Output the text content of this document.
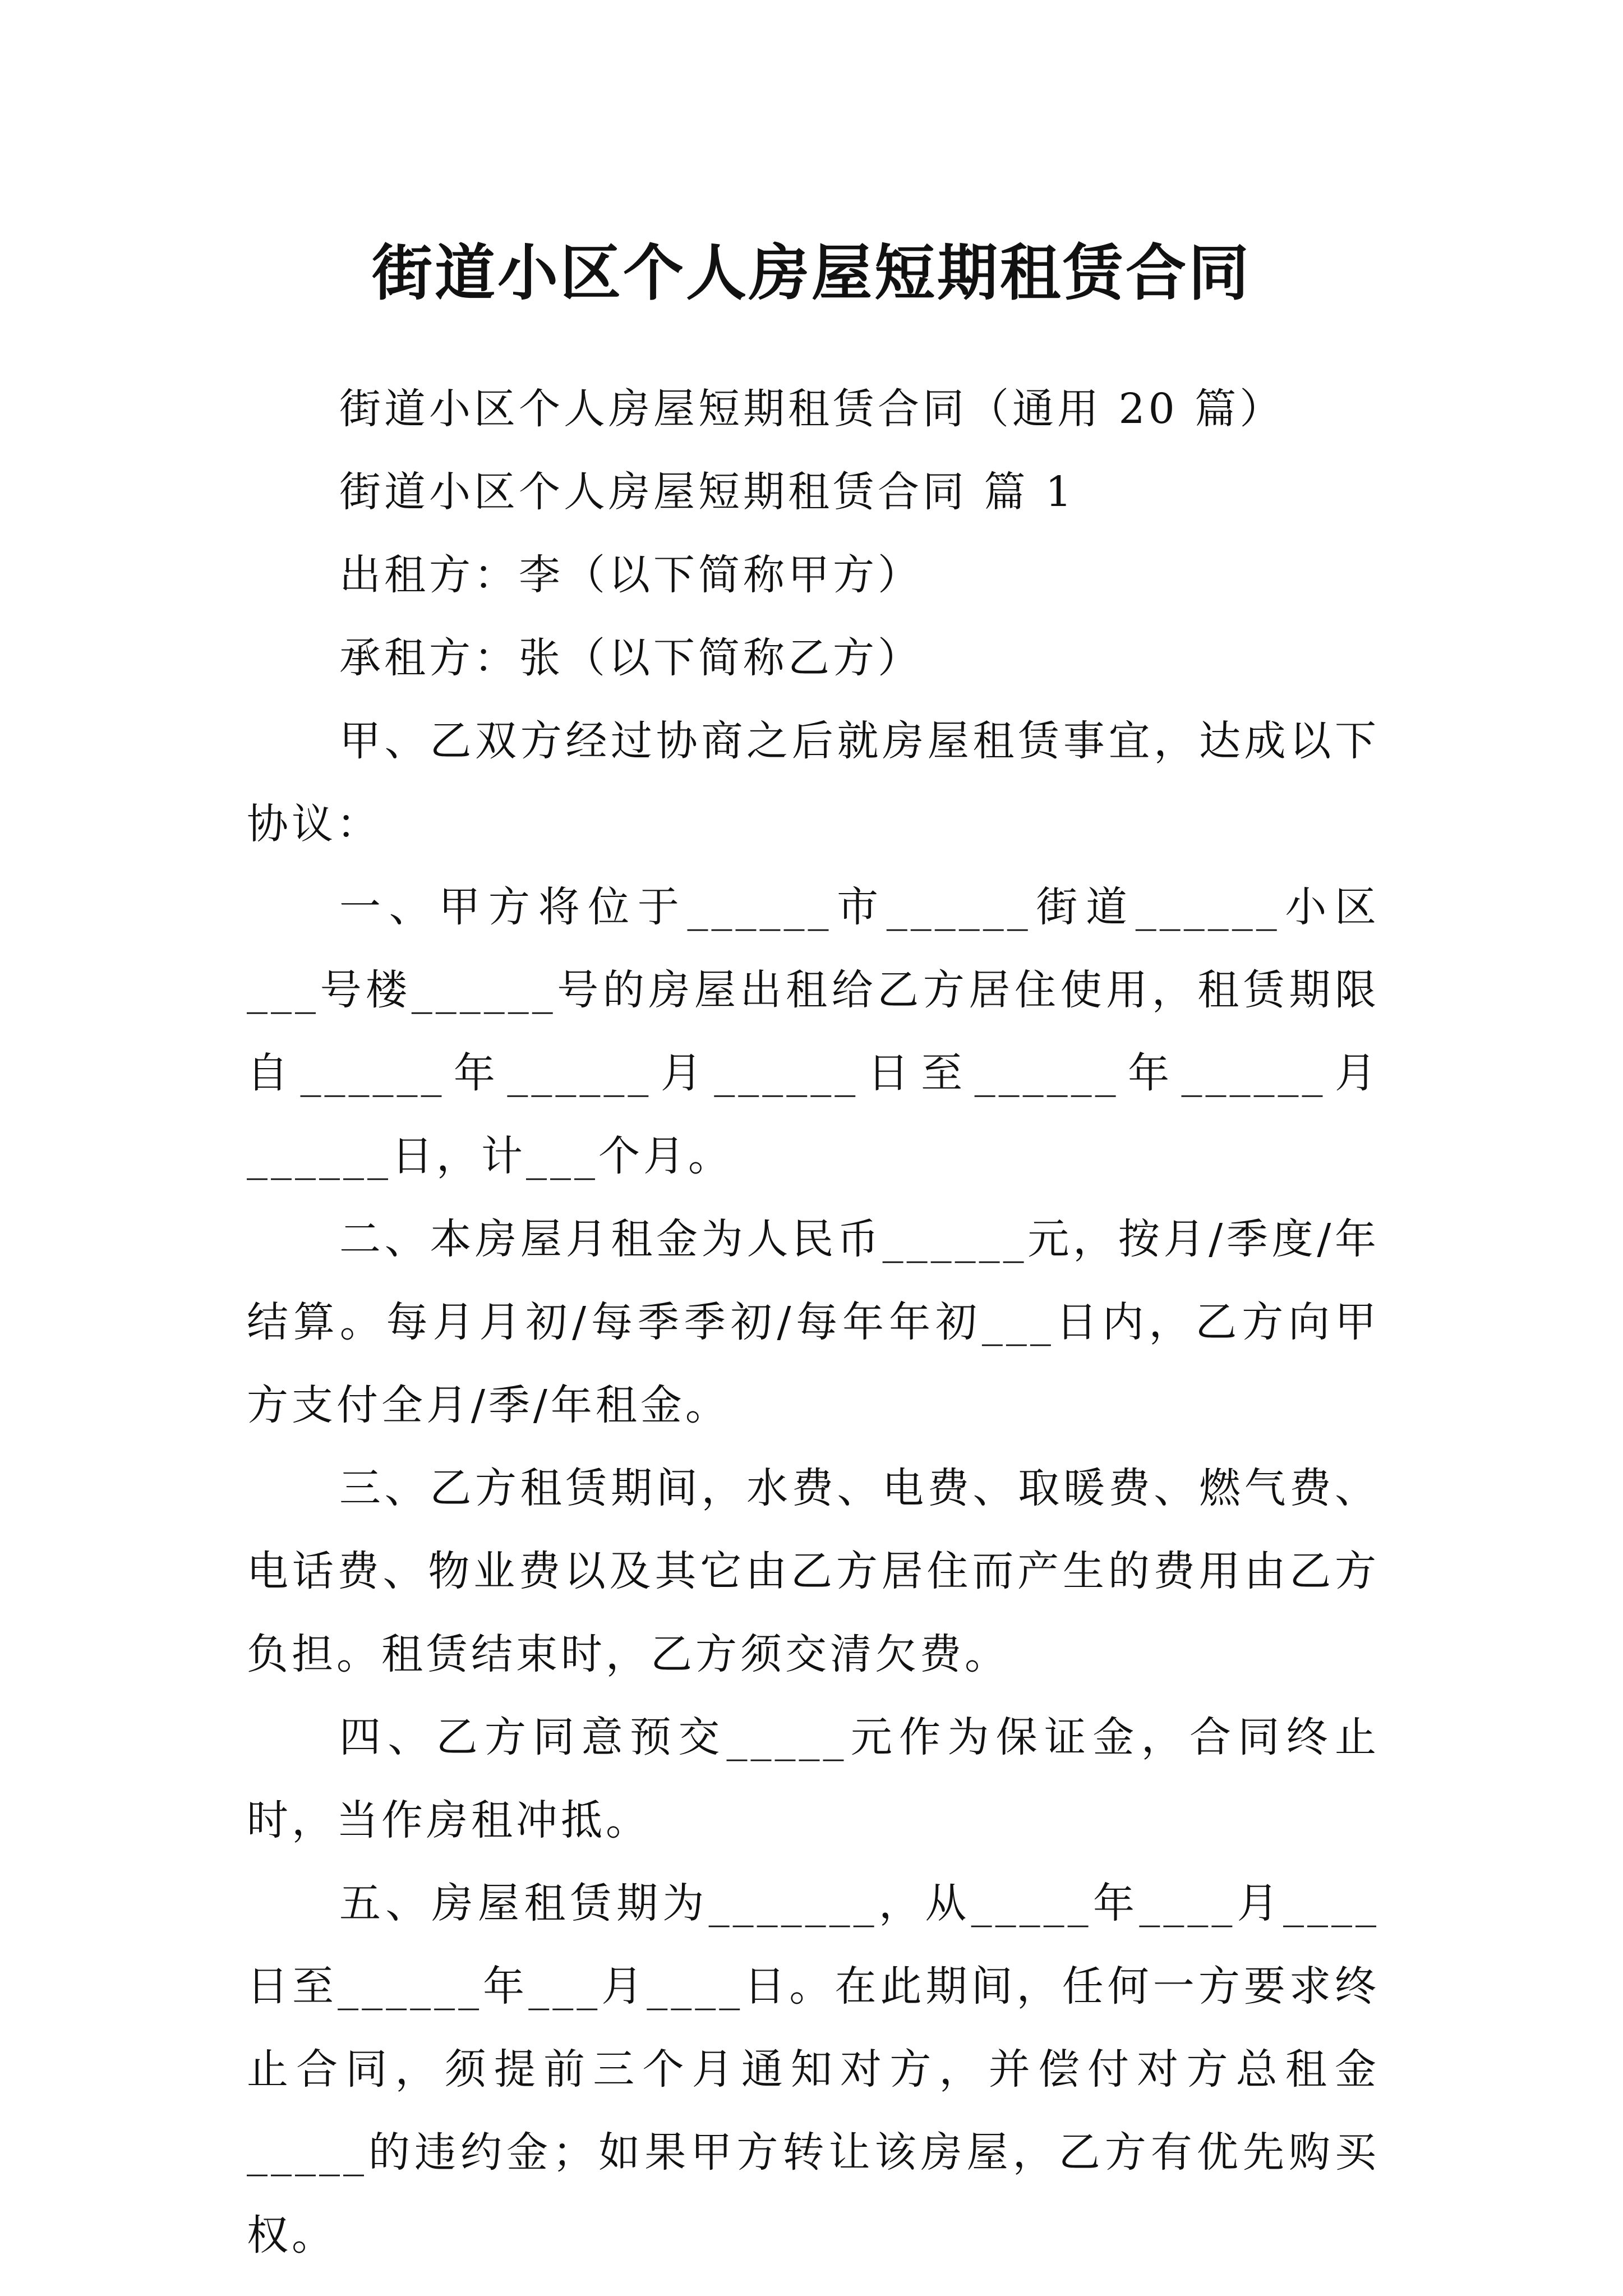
街道小区个人房屋短期租赁合同

街道小区个人房屋短期租赁合同（通用 20 篇）

街道小区个人房屋短期租赁合同 篇 1

出租方：李（以下简称甲方）

承租方：张（以下简称乙方）

甲、乙双方经过协商之后就房屋租赁事宜，达成以下协议：

一、甲方将位于______市______街道______小区___号楼______号的房屋出租给乙方居住使用，租赁期限自______年______月______日至______年______月______日，计___个月。

二、本房屋月租金为人民币______元，按月/季度/年结算。每月月初/每季季初/每年年初___日内，乙方向甲方支付全月/季/年租金。

三、乙方租赁期间，水费、电费、取暖费、燃气费、电话费、物业费以及其它由乙方居住而产生的费用由乙方负担。租赁结束时，乙方须交清欠费。

四、乙方同意预交_____元作为保证金，合同终止时，当作房租冲抵。

五、房屋租赁期为_______，从_____年____月____日至______年___月____日。在此期间，任何一方要求终止合同，须提前三个月通知对方，并偿付对方总租金_____的违约金；如果甲方转让该房屋，乙方有优先购买权。
